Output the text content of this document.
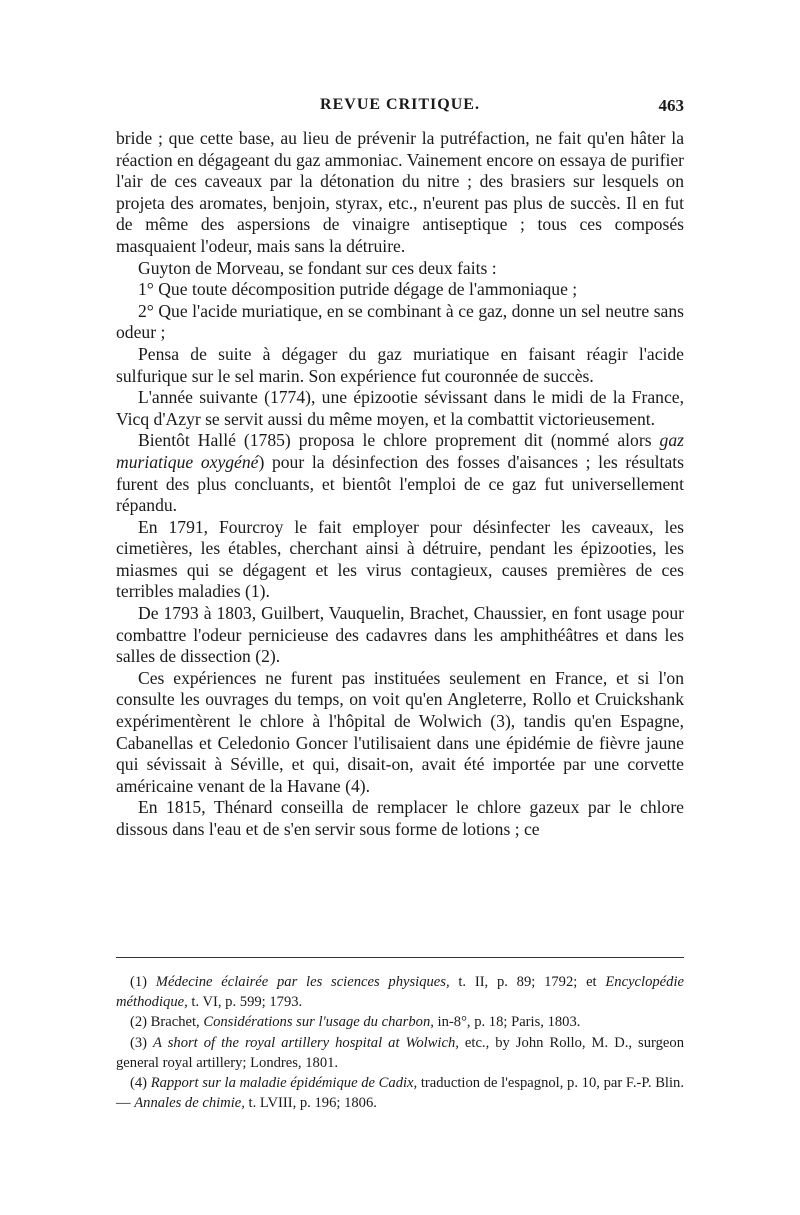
REVUE CRITIQUE.	463

bride ; que cette base, au lieu de prévenir la putréfaction, ne fait qu'en hâter la réaction en dégageant du gaz ammoniac. Vainement encore on essaya de purifier l'air de ces caveaux par la détonation du nitre ; des brasiers sur lesquels on projeta des aromates, benjoin, styrax, etc., n'eurent pas plus de succès. Il en fut de même des aspersions de vinaigre antiseptique ; tous ces composés masquaient l'odeur, mais sans la détruire.

Guyton de Morveau, se fondant sur ces deux faits :

1° Que toute décomposition putride dégage de l'ammoniaque ;

2° Que l'acide muriatique, en se combinant à ce gaz, donne un sel neutre sans odeur ;

Pensa de suite à dégager du gaz muriatique en faisant réagir l'acide sulfurique sur le sel marin. Son expérience fut couronnée de succès.

L'année suivante (1774), une épizootie sévissant dans le midi de la France, Vicq d'Azyr se servit aussi du même moyen, et la combattit victorieusement.

Bientôt Hallé (1785) proposa le chlore proprement dit (nommé alors gaz muriatique oxygéné) pour la désinfection des fosses d'aisances ; les résultats furent des plus concluants, et bientôt l'emploi de ce gaz fut universellement répandu.

En 1791, Fourcroy le fait employer pour désinfecter les caveaux, les cimetières, les étables, cherchant ainsi à détruire, pendant les épizooties, les miasmes qui se dégagent et les virus contagieux, causes premières de ces terribles maladies (1).

De 1793 à 1803, Guilbert, Vauquelin, Brachet, Chaussier, en font usage pour combattre l'odeur pernicieuse des cadavres dans les amphithéâtres et dans les salles de dissection (2).

Ces expériences ne furent pas instituées seulement en France, et si l'on consulte les ouvrages du temps, on voit qu'en Angleterre, Rollo et Cruickshank expérimentèrent le chlore à l'hôpital de Wolwich (3), tandis qu'en Espagne, Cabanellas et Celedonio Goncer l'utilisaient dans une épidémie de fièvre jaune qui sévissait à Séville, et qui, disait-on, avait été importée par une corvette américaine venant de la Havane (4).

En 1815, Thénard conseilla de remplacer le chlore gazeux par le chlore dissous dans l'eau et de s'en servir sous forme de lotions ; ce

(1) Médecine éclairée par les sciences physiques, t. II, p. 89; 1792; et Encyclopédie méthodique, t. VI, p. 599; 1793.

(2) Brachet, Considérations sur l'usage du charbon, in-8°, p. 18; Paris, 1803.

(3) A short of the royal artillery hospital at Wolwich, etc., by John Rollo, M. D., surgeon general royal artillery; Londres, 1801.

(4) Rapport sur la maladie épidémique de Cadix, traduction de l'espagnol, p. 10, par F.-P. Blin. — Annales de chimie, t. LVIII, p. 196; 1806.
